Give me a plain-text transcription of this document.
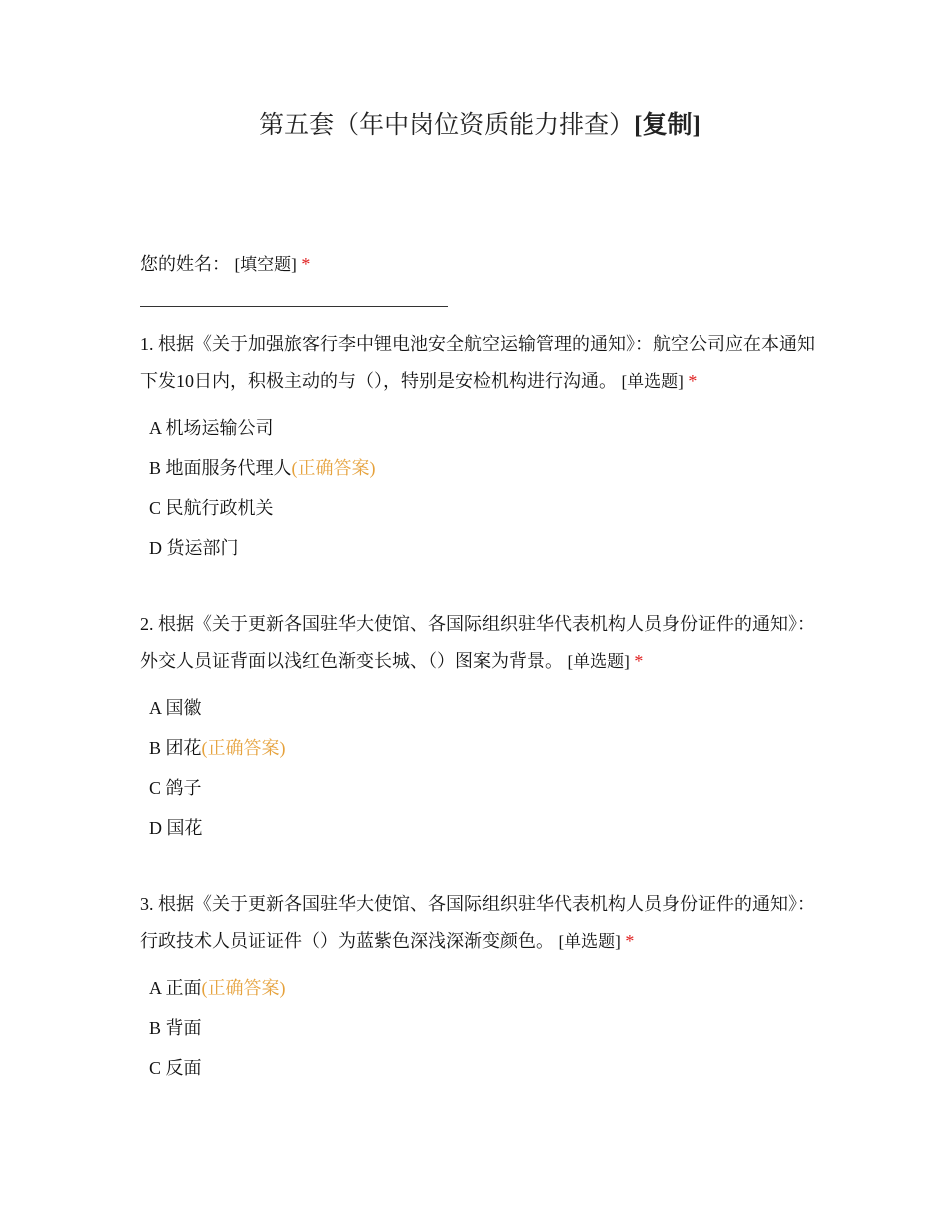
第五套（年中岗位资质能力排查）[复制]
您的姓名： [填空题] *

1. 根据《关于加强旅客行李中锂电池安全航空运输管理的通知》：航空公司应在本通知下发10日内，积极主动的与（），特别是安检机构进行沟通。 [单选题] *

A 机场运输公司
B 地面服务代理人(正确答案)
C 民航行政机关
D 货运部门

2. 根据《关于更新各国驻华大使馆、各国际组织驻华代表机构人员身份证件的通知》：外交人员证背面以浅红色渐变长城、（）图案为背景。 [单选题] *

A 国徽
B 团花(正确答案)
C 鸽子
D 国花

3. 根据《关于更新各国驻华大使馆、各国际组织驻华代表机构人员身份证件的通知》：行政技术人员证证件（）为蓝紫色深浅深渐变颜色。 [单选题] *

A 正面(正确答案)
B 背面
C 反面
